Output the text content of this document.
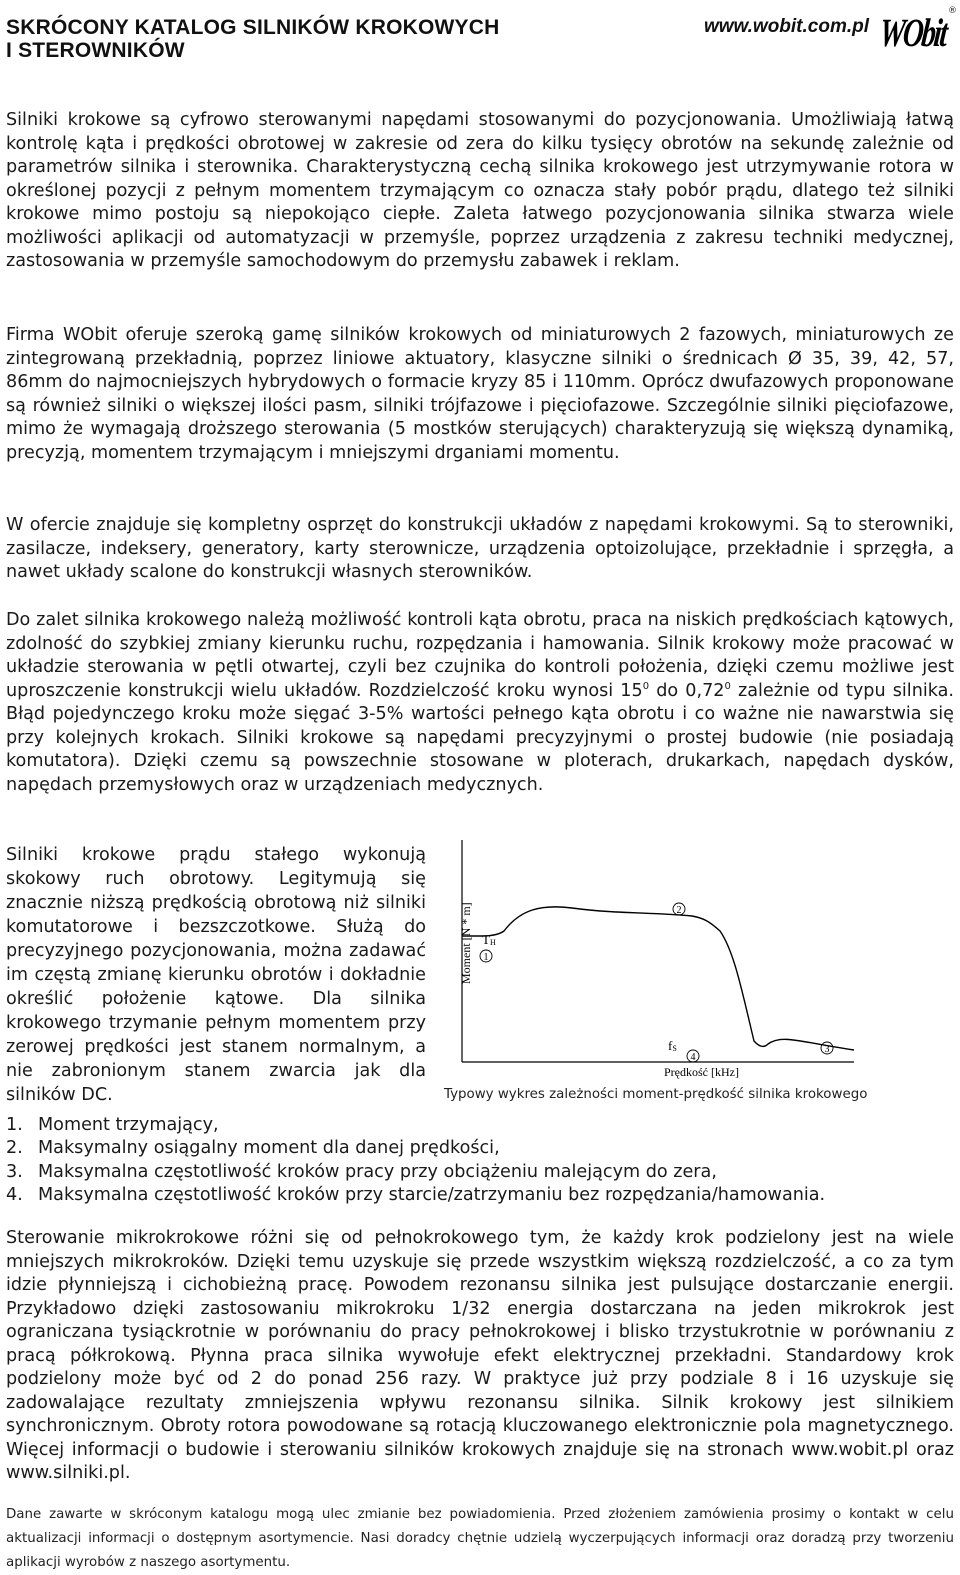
SKRÓCONY KATALOG SILNIKÓW KROKOWYCH
I STEROWNIKÓW
www.wobit.com.pl WObit ®

Silniki krokowe są cyfrowo sterowanymi napędami stosowanymi do pozycjonowania. Umożliwiają łatwą kontrolę kąta i prędkości obrotowej w zakresie od zera do kilku tysięcy obrotów na sekundę zależnie od parametrów silnika i sterownika. Charakterystyczną cechą silnika krokowego jest utrzymywanie rotora w określonej pozycji z pełnym momentem trzymającym co oznacza stały pobór prądu, dlatego też silniki krokowe mimo postoju są niepokojąco ciepłe. Zaleta łatwego pozycjonowania silnika stwarza wiele możliwości aplikacji od automatyzacji w przemyśle, poprzez urządzenia z zakresu techniki medycznej, zastosowania w przemyśle samochodowym do przemysłu zabawek i reklam.

Firma WObit oferuje szeroką gamę silników krokowych od miniaturowych 2 fazowych, miniaturowych ze zintegrowaną przekładnią, poprzez liniowe aktuatory, klasyczne silniki o średnicach Ø 35, 39, 42, 57, 86mm do najmocniejszych hybrydowych o formacie kryzy 85 i 110mm. Oprócz dwufazowych proponowane są również silniki o większej ilości pasm, silniki trójfazowe i pięciofazowe. Szczególnie silniki pięciofazowe, mimo że wymagają droższego sterowania (5 mostków sterujących) charakteryzują się większą dynamiką, precyzją, momentem trzymającym i mniejszymi drganiami momentu.

W ofercie znajduje się kompletny osprzęt do konstrukcji układów z napędami krokowymi. Są to sterowniki, zasilacze, indeksery, generatory, karty sterownicze, urządzenia optoizolujące, przekładnie i sprzęgła, a nawet układy scalone do konstrukcji własnych sterowników.

Do zalet silnika krokowego należą możliwość kontroli kąta obrotu, praca na niskich prędkościach kątowych, zdolność do szybkiej zmiany kierunku ruchu, rozpędzania i hamowania. Silnik krokowy może pracować w układzie sterowania w pętli otwartej, czyli bez czujnika do kontroli położenia, dzięki czemu możliwe jest uproszczenie konstrukcji wielu układów. Rozdzielczość kroku wynosi $15^0$ do 0,72$^0$ zależnie od typu silnika. Błąd pojedynczego kroku może sięgać 3-5% wartości pełnego kąta obrotu i co ważne nie nawarstwia się przy kolejnych krokach. Silniki krokowe są napędami precyzyjnymi o prostej budowie (nie posiadają komutatora). Dzięki czemu są powszechnie stosowane w ploterach, drukarkach, napędach dysków, napędach przemysłowych oraz w urządzeniach medycznych.

Silniki krokowe prądu stałego wykonują skokowy ruch obrotowy. Legitymują się znacznie niższą prędkością obrotową niż silniki komutatorowe i bezszczotkowe. Służą do precyzyjnego pozycjonowania, można zadawać im częstą zmianę kierunku obrotów i dokładnie określić położenie kątowe. Dla silnika krokowego trzymanie pełnym momentem przy zerowej prędkości jest stanem normalnym, a nie zabronionym stanem zwarcia jak dla silników DC.

Moment [N * m] TH
1
2
fS
4
3
Prędkość [kHz]
Typowy wykres zależności moment-prędkość silnika krokowego
1. Moment trzymający,
2. Maksymalny osiągalny moment dla danej prędkości,
3. Maksymalna częstotliwość kroków pracy przy obciążeniu malejącym do zera,
4. Maksymalna częstotliwość kroków przy starcie/zatrzymaniu bez rozpędzania/hamowania.

Sterowanie mikrokrokowe różni się od pełnokrokowego tym, że każdy krok podzielony jest na wiele mniejszych mikrokroków. Dzięki temu uzyskuje się przede wszystkim większą rozdzielczość, a co za tym idzie płynniejszą i cichobieżną pracę. Powodem rezonansu silnika jest pulsujące dostarczanie energii. Przykładowo dzięki zastosowaniu mikrokroku 1/32 energia dostarczana na jeden mikrokrok jest ograniczana tysiąckrotnie w porównaniu do pracy pełnokrokowej i blisko trzystukrotnie w porównaniu z pracą półkrokową. Płynna praca silnika wywołuje efekt elektrycznej przekładni. Standardowy krok podzielony może być od 2 do ponad 256 razy. W praktyce już przy podziale 8 i 16 uzyskuje się zadowalające rezultaty zmniejszenia wpływu rezonansu silnika. Silnik krokowy jest silnikiem synchronicznym. Obroty rotora powodowane są rotacją kluczowanego elektronicznie pola magnetycznego. Więcej informacji o budowie i sterowaniu silników krokowych znajduje się na stronach www.wobit.pl oraz www.silniki.pl.

Dane zawarte w skróconym katalogu mogą ulec zmianie bez powiadomienia. Przed złożeniem zamówienia prosimy o kontakt w celu aktualizacji informacji o dostępnym asortymencie. Nasi doradcy chętnie udzielą wyczerpujących informacji oraz doradzą przy tworzeniu aplikacji wyrobów z naszego asortymentu.
